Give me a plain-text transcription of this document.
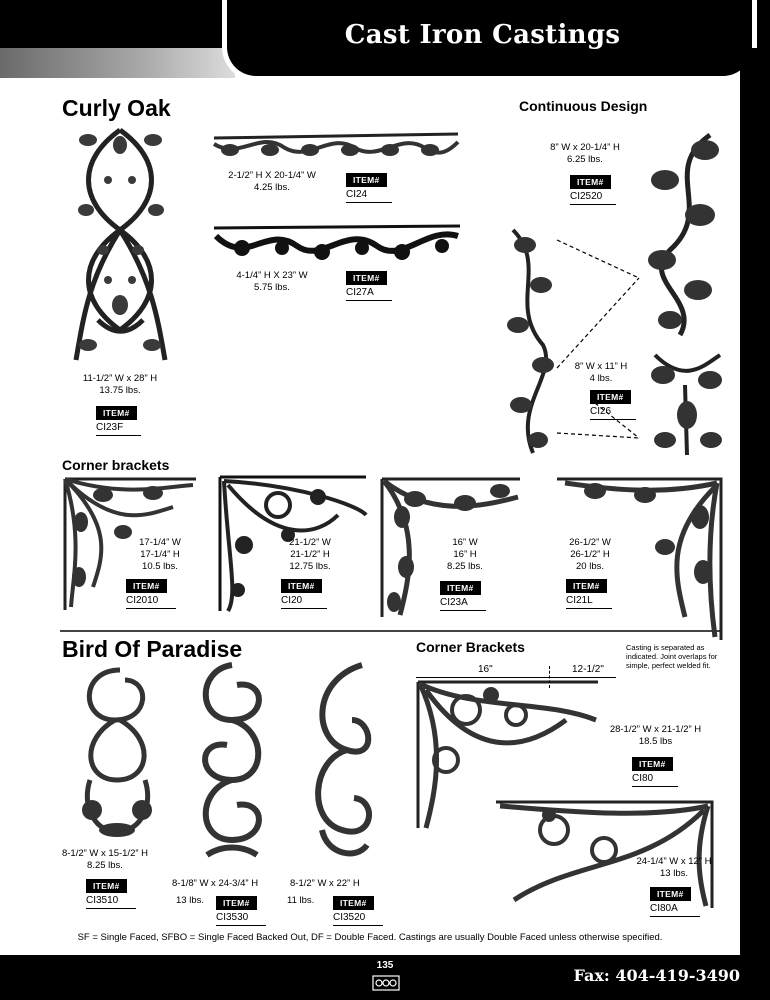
Cast Iron Castings
Curly Oak	Continuous Design
Corner brackets
Bird Of Paradise	Corner Brackets
16"	12-1/2"
Casting is separated as indicated. Joint overlaps for simple, perfect welded fit.
11-1/2” W x 28” H
13.75 lbs.
ITEM#
CI23F
2-1/2” H X 20-1/4” W
4.25 lbs.
ITEM#
CI24
4-1/4” H X 23” W
5.75 lbs.
ITEM#
CI27A
8” W x 20-1/4” H
6.25 lbs.
ITEM#
CI2520
8” W x 11” H
4 lbs.
ITEM#
CI26
17-1/4” W
17-1/4” H
10.5 lbs.
ITEM#
CI2010
21-1/2” W
21-1/2” H
12.75 lbs.
ITEM#
CI20
16” W
16” H
8.25 lbs.
ITEM#
CI23A
26-1/2” W
26-1/2” H
20 lbs.
ITEM#
CI21L
8-1/2” W x 15-1/2” H
8.25 lbs.
ITEM#
CI3510
8-1/8” W x 24-3/4” H
13 lbs.	ITEM#
CI3530
8-1/2” W x 22” H
11 lbs.	ITEM#
CI3520
28-1/2” W x 21-1/2” H
18.5 lbs
ITEM#
CI80
24-1/4” W x 12” H
13 lbs.
ITEM#
CI80A
SF = Single Faced, SFBO = Single Faced Backed Out, DF = Double Faced. Castings are usually Double Faced unless otherwise specified.
135
Fax: 404-419-3490
